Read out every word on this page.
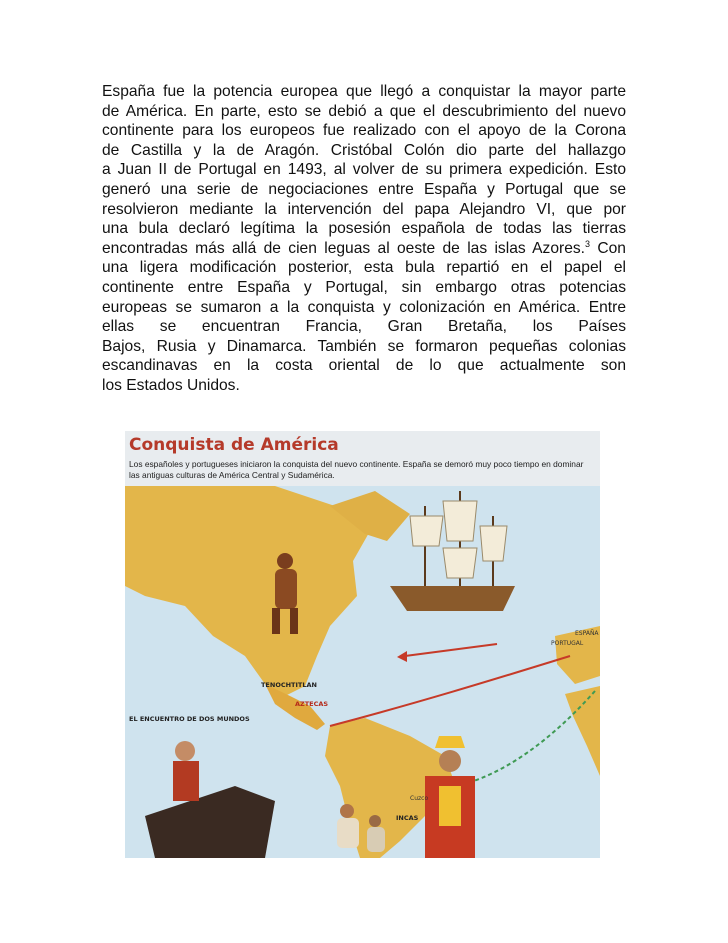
España fue la potencia europea que llegó a conquistar la mayor parte
de América. En parte, esto se debió a que el descubrimiento del nuevo
continente para los europeos fue realizado con el apoyo de la Corona
de Castilla y la de Aragón. Cristóbal Colón dio parte del hallazgo
a Juan II de Portugal en 1493, al volver de su primera expedición. Esto
generó una serie de negociaciones entre España y Portugal que se
resolvieron mediante la intervención del papa Alejandro VI, que por
una bula declaró legítima la posesión española de todas las tierras
encontradas más allá de cien leguas al oeste de las islas Azores.$^3$ Con
una ligera modificación posterior, esta bula repartió en el papel el
continente entre España y Portugal, sin embargo otras potencias
europeas se sumaron a la conquista y colonización en América. Entre
ellas se encuentran Francia, Gran Bretaña, los Países
Bajos, Rusia y Dinamarca. También se formaron pequeñas colonias
escandinavas en la costa oriental de lo que actualmente son
los Estados Unidos.
Conquista de América
Los españoles y portugueses iniciaron la conquista del nuevo continente. España se demoró muy poco tiempo en dominar las antiguas culturas de América Central y Sudamérica.
TENOCHTITLAN
AZTECAS
INCAS
Cuzco
PORTUGAL
ESPAÑA
EL ENCUENTRO DE DOS MUNDOS
